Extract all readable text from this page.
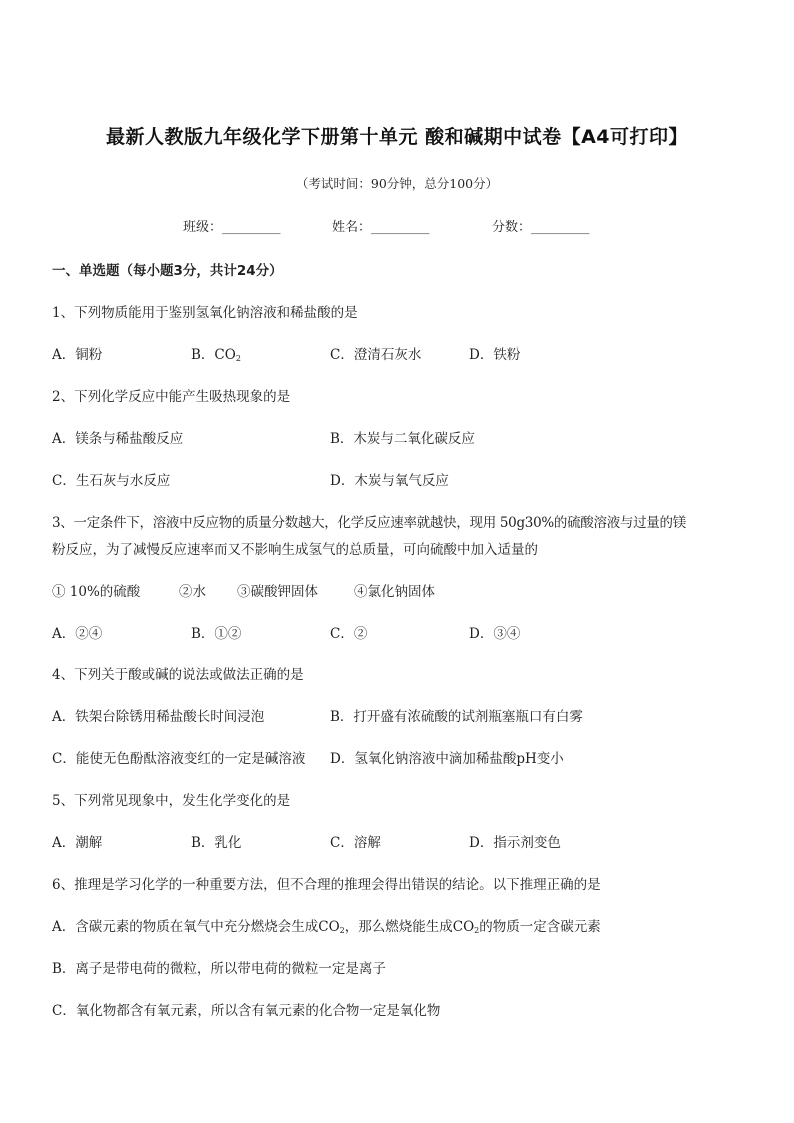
最新人教版九年级化学下册第十单元 酸和碱期中试卷【A4可打印】
（考试时间：90分钟，总分100分）
班级：_________	姓名：_________	分数：_________
一、单选题（每小题3分，共计24分）
1、下列物质能用于鉴别氢氧化钠溶液和稀盐酸的是
A．铜粉	B．$CO_2$	C．澄清石灰水	D．铁粉
2、下列化学反应中能产生吸热现象的是
A．镁条与稀盐酸反应	B．木炭与二氧化碳反应
C．生石灰与水反应	D．木炭与氧气反应
3、一定条件下，溶液中反应物的质量分数越大，化学反应速率就越快，现用 50g30%的硫酸溶液与过量的镁
粉反应，为了减慢反应速率而又不影响生成氢气的总质量，可向硫酸中加入适量的
① 10%的硫酸	②水 ③碳酸钾固体	④氯化钠固体
A．②④	B．①②	C．②	D．③④
4、下列关于酸或碱的说法或做法正确的是
A．铁架台除锈用稀盐酸长时间浸泡	B．打开盛有浓硫酸的试剂瓶塞瓶口有白雾
C．能使无色酚酞溶液变红的一定是碱溶液 D．氢氧化钠溶液中滴加稀盐酸pH变小
5、下列常见现象中，发生化学变化的是
A．潮解	B．乳化	C．溶解	D．指示剂变色
6、推理是学习化学的一种重要方法，但不合理的推理会得出错误的结论。以下推理正确的是
A．含碳元素的物质在氧气中充分燃烧会生成$CO_2$，那么燃烧能生成$CO_2$的物质一定含碳元素
B．离子是带电荷的微粒，所以带电荷的微粒一定是离子
C．氧化物都含有氧元素，所以含有氧元素的化合物一定是氧化物
